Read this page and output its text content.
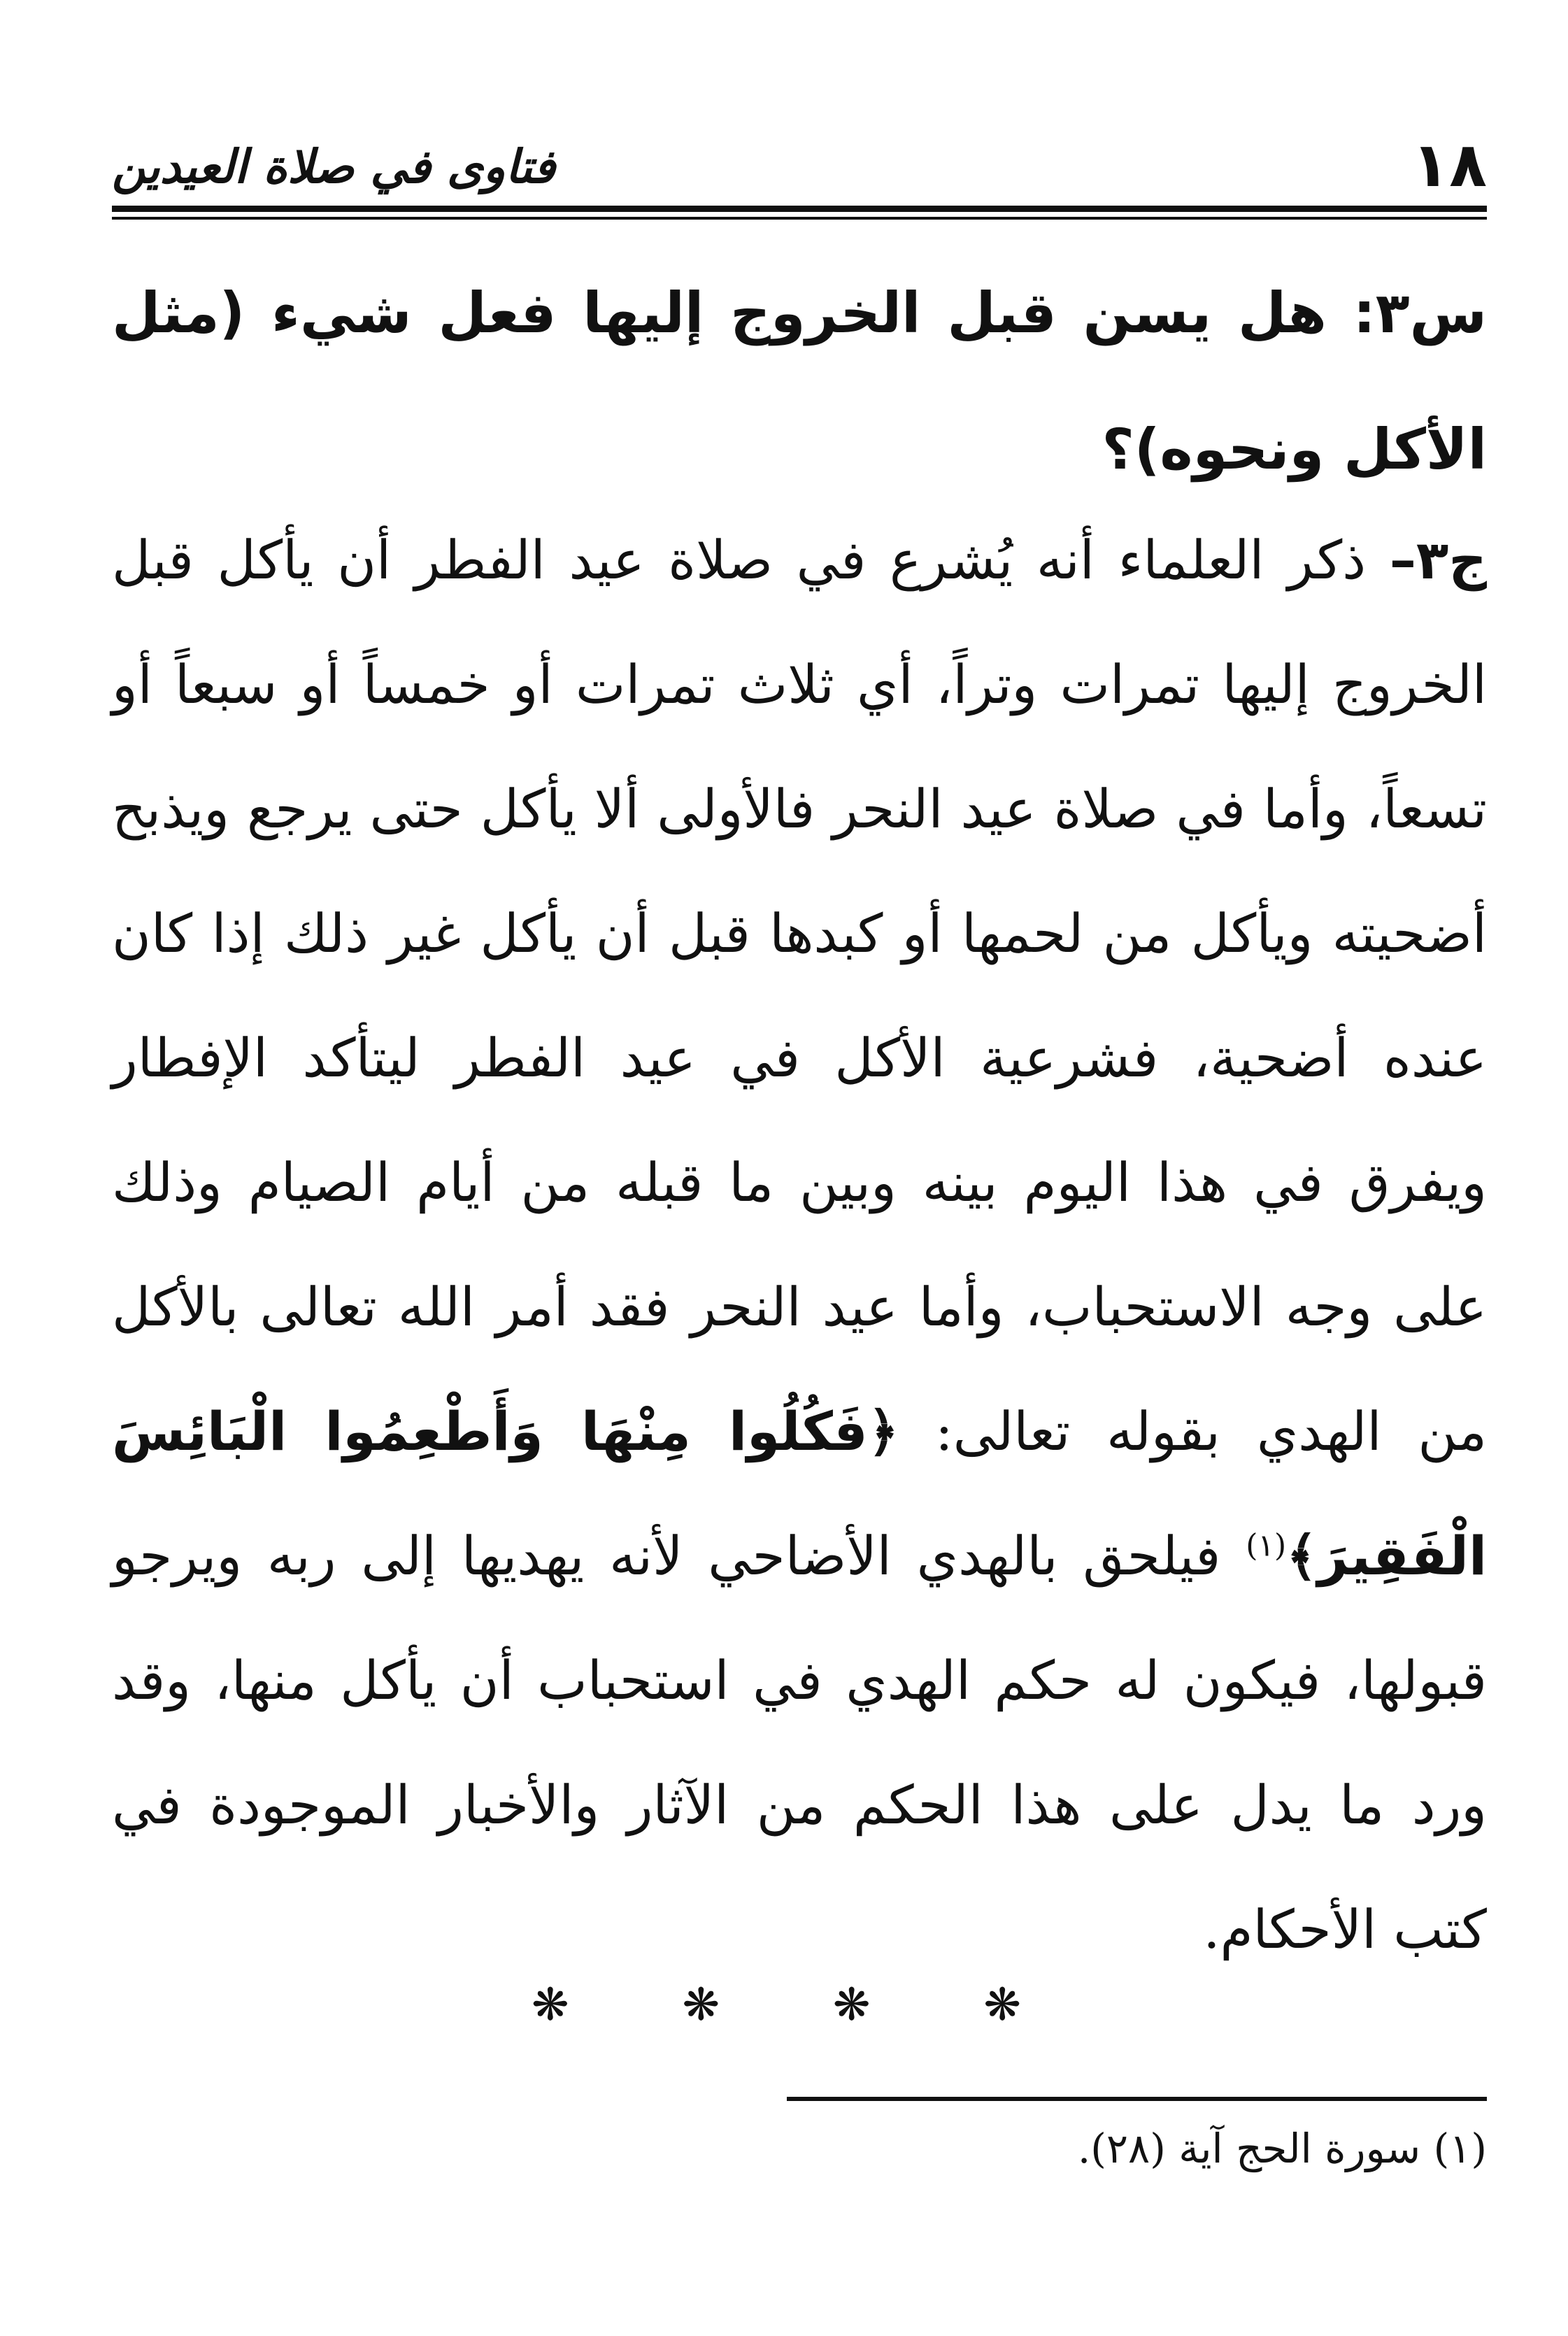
١٨
فتاوى في صلاة العيدين

س٣: هل يسن قبل الخروج إليها فعل شيء (مثل الأكل ونحوه)؟

ج٣– ذكر العلماء أنه يُشرع في صلاة عيد الفطر أن يأكل قبل الخروج إليها تمرات وتراً، أي ثلاث تمرات أو خمساً أو سبعاً أو تسعاً، وأما في صلاة عيد النحر فالأولى ألا يأكل حتى يرجع ويذبح أضحيته ويأكل من لحمها أو كبدها قبل أن يأكل غير ذلك إذا كان عنده أضحية، فشرعية الأكل في عيد الفطر ليتأكد الإفطار ويفرق في هذا اليوم بينه وبين ما قبله من أيام الصيام وذلك على وجه الاستحباب، وأما عيد النحر فقد أمر الله تعالى بالأكل من الهدي بقوله تعالى: ﴿فَكُلُوا مِنْهَا وَأَطْعِمُوا الْبَائِسَ الْفَقِيرَ﴾$^{(١)}$ فيلحق بالهدي الأضاحي لأنه يهديها إلى ربه ويرجو قبولها، فيكون له حكم الهدي في استحباب أن يأكل منها، وقد ورد ما يدل على هذا الحكم من الآثار والأخبار الموجودة في كتب الأحكام.

❋
❋
❋
❋

(١) سورة الحج آية (٢٨).
